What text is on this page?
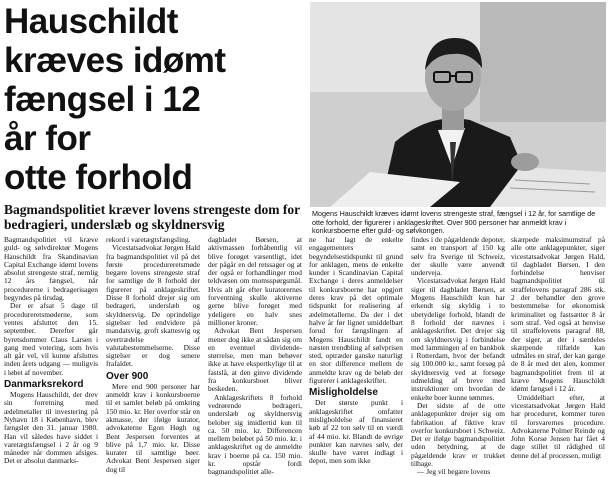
Hauschildt
kræves idømt
fængsel i 12
år for
otte forhold

Bagmandspolitiet kræver lovens strengeste dom for bedragieri, underslæb og skyldnersvig

Mogens Hauschildt kræves idømt lovens strengeste straf, fængsel i 12 år, for samtlige de otte forhold, der figurerer i anklageskriftet. Over 900 personer har anmeldt krav i konkursboerne efter guld- og sølvkongen.

Bagmandspolitiet vil kræve guld- og sølvdirektør Mogens Hauschildt fra Skandinavian Capital Exchange idømt lovens absolut strengeste straf, nemlig 12 års fængsel, når procedurerne i bedragerisagen begyndes på tirsdag.

Der er afsat 5 dage til procedureretsmøderne, som ventes afsluttet den 15. september. Derefter går byretsdommer Claus Larsen i gang med votering, som hvis alt går vel, vil kunne afsluttes inden årets udgang — muligvis i løbet af november.

Danmarksrekord

Mogens Hauschildt, der drev sin forretning med ædelmetaller til investering på Nyhavn 18 i København, blev fængslet den 31. januar 1980. Han vil således have siddet i varetægtsfængsel i 2 år og 9 måneder når dommen afsiges. Det er absolut danmarks-

rekord i varetægtsfængsling.

Vicestatsadvokat Jørgen Hald fra bagmandspolitiet vil på det første procedureretsmøde begære lovens strengeste straf for samtlige de 8 forhold der figurerer på anklageskriftet. Disse 8 forhold drejer sig om bedrageri, underslæb og skyldnersvig. De oprindelige sigtelser led endvidere på mandatsvig, groft skattesvig og overtrædelse af valutabestemmelserne. Disse sigtelser er dog senere frafaldet.

Over 900

Mere end 900 personer har anmeldt krav i konkursboerne til et samlet beløb på omkring 150 mio. kr. Her overfor står en akmasse, der ifølge kurator, advokaterne Egon Høgh og Bent Jespersen forventes at blive på 1,7 mio. kr. Disse kurater til samtlige bøer. Advokat Bent Jespersen siger dog til

dagbladet Børsen, at aktivmassen forhåbentlig vil blive forøget væsentligt, idet der pågår en del retssager og at der også er forhandlinger mod teldvæsen om momsspørgsmål. Hvis alt går efter kuratorernes forventning skulle aktiverne gerne blive forøget med ydeligere en halv snes millioner kroner.

Advokat Bent Jespersen mener dog ikke at sådan sig om en eventuel dividende-størrelse, men man behøver ikke at have ekspertkylige til at fastslå, at den ginve dividende fra konkursboet bliver beskeden.

Anklageskriftets 8 forhold vedrørende bedrageri, underslæb og skyldnersvig belober sig imidlertid kun til ca. 50 mio. kr. Differencen mellem beløbet på 50 mio. kr. i anklageskriftet og de anmeldte krav i boerne på ca. 150 mio. kr. opstår fordi bagmandspolitiet alle-

ne har lagt de enkelte engagementers begyndelsestidspunkt til grund for anklagen, mens de enkelte kunder i Scandinavian Capital Exchange i deres anmeldelser til konkursboerne har opgjort deres krav på det optimale tidspunkt for realisering af ædelmetallerne. Da der i det halve år før lignet umiddelbart forud for fængslingen af Mogens Hauschildt fandt en næsten trendbling af sølvprisen sted, optræder ganske naturligt en stor difference mellem de anmeldte krav og de beløb der figurerer i anklageskriftet.

Misligholdelse

Det største punkt i anklageskriftet omfatter misligholdelse af finansieret køb af 22 ton sølv til en værdi af 44 mio. kr. Blandt de øvrige punkter kan nævnes sølv, der skulle have været indlagt i depot, men som ikke

findes i de pågældende depoter, samt en transport af 150 kg sølv fra Sverige til Schweiz, der skulle være anvendt underveja.

Vicestatsadvokat Jørgen Hald siger til dagbladet Børsen, at Mogens Hauschildt kun har erkendt sig skyldig i to ubetydelige forhold, blandt de 8 forhold der nævnes i anklageskriftet. Det drejer sig om skyldnersvig i forbindelse med lammingen af en bankbok i Rotterdam, hvor der befandt sig 100.000 kr., samt forsøg på skyldnersvig ved at forsøge udmelding af breve med instruktioner om hvordan de enkelte boer kunne tømmes.

Det sidste af de otte anklagepunkter drejer sig om fabrikation af fiktive krav overfor konkursboet i Schweiz. Det er ifølge bagmandspolitiet uden betydning, at de pågældende krav er trukket tilbage.

— Jeg vil begære lovens

skærpede maksimumstraf på alle otte anklagepunkter, siger vicestatsadvokat Jørgen Hald, til dagbladet Børsen. I den forbindelse henviser bagmandspolitiet til straffelovens paragraf 286 stk. 2 der behandler den grove bestemmelse for økonomisk kriminalitet og fastsætter 8 år som straf. Ved også at henvise til straffelovens paragraf 88, der siger, at der i særdeles skærpende tilfælde kan udmåles en straf, der kan gange de 8 år med det alen, kommer bagmandspolitiet frem til at kræve Mogens Hauschildt idømt fængsel i 12 år.

Umiddelbart efter, at vicestatsadvokat Jørgen Hald har proceduret, kommer turen til forsvarernes procedure. Advokaterne Polmer Reinde og John Korsø Jensen har fået 4 dage stillet til rådighed til denne del af processen, muligt
